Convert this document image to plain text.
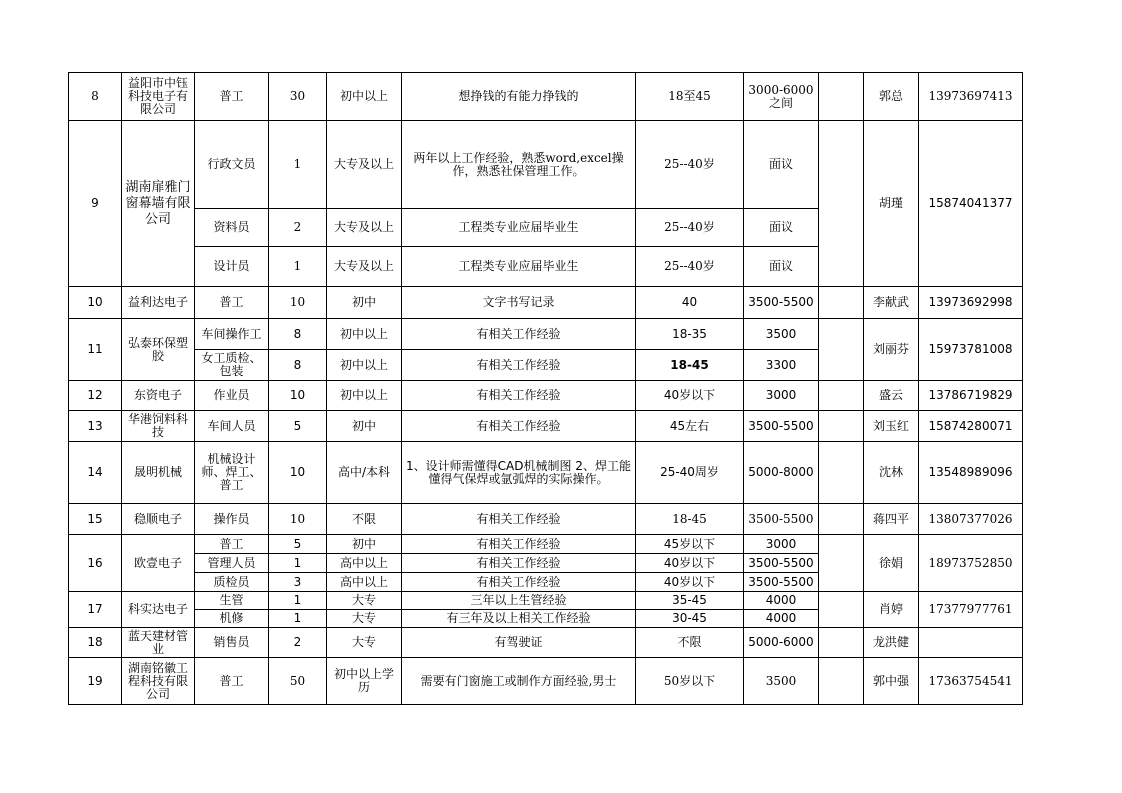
8	益阳市中钰科技电子有限公司	普工	30	初中以上	想挣钱的有能力挣钱的	18至45	3000-6000之间		郭总	13973697413
9	湖南扉雅门窗幕墙有限公司	行政文员	1	大专及以上	两年以上工作经验，熟悉word,excel操作，熟悉社保管理工作。	25--40岁	面议		胡瑾	15874041377
		资料员	2	大专及以上	工程类专业应届毕业生	25--40岁	面议			
		设计员	1	大专及以上	工程类专业应届毕业生	25--40岁	面议			
10	益利达电子	普工	10	初中	文字书写记录	40	3500-5500		李献武	13973692998
11	弘泰环保塑胶	车间操作工	8	初中以上	有相关工作经验	18-35	3500		刘丽芬	15973781008
		女工质检、包装	8	初中以上	有相关工作经验	18-45	3300			
12	东资电子	作业员	10	初中以上	有相关工作经验	40岁以下	3000		盛云	13786719829
13	华港饲料科技	车间人员	5	初中	有相关工作经验	45左右	3500-5500		刘玉红	15874280071
14	晟明机械	机械设计师、焊工、普工	10	高中/本科	1、设计师需懂得CAD机械制图 2、焊工能懂得气保焊或氩弧焊的实际操作。	25-40周岁	5000-8000		沈林	13548989096
15	稳顺电子	操作员	10	不限	有相关工作经验	18-45	3500-5500		蒋四平	13807377026
16	欧壹电子	普工	5	初中	有相关工作经验	45岁以下	3000		徐娟	18973752850
		管理人员	1	高中以上	有相关工作经验	40岁以下	3500-5500			
		质检员	3	高中以上	有相关工作经验	40岁以下	3500-5500			
17	科实达电子	生管	1	大专	三年以上生管经验	35-45	4000		肖婷	17377977761
		机修	1	大专	有三年及以上相关工作经验	30-45	4000			
18	蓝天建材管业	销售员	2	大专	有驾驶证	不限	5000-6000		龙洪健	
19	湖南铭徽工程科技有限公司	普工	50	初中以上学历	需要有门窗施工或制作方面经验,男士	50岁以下	3500		郭中强	17363754541
